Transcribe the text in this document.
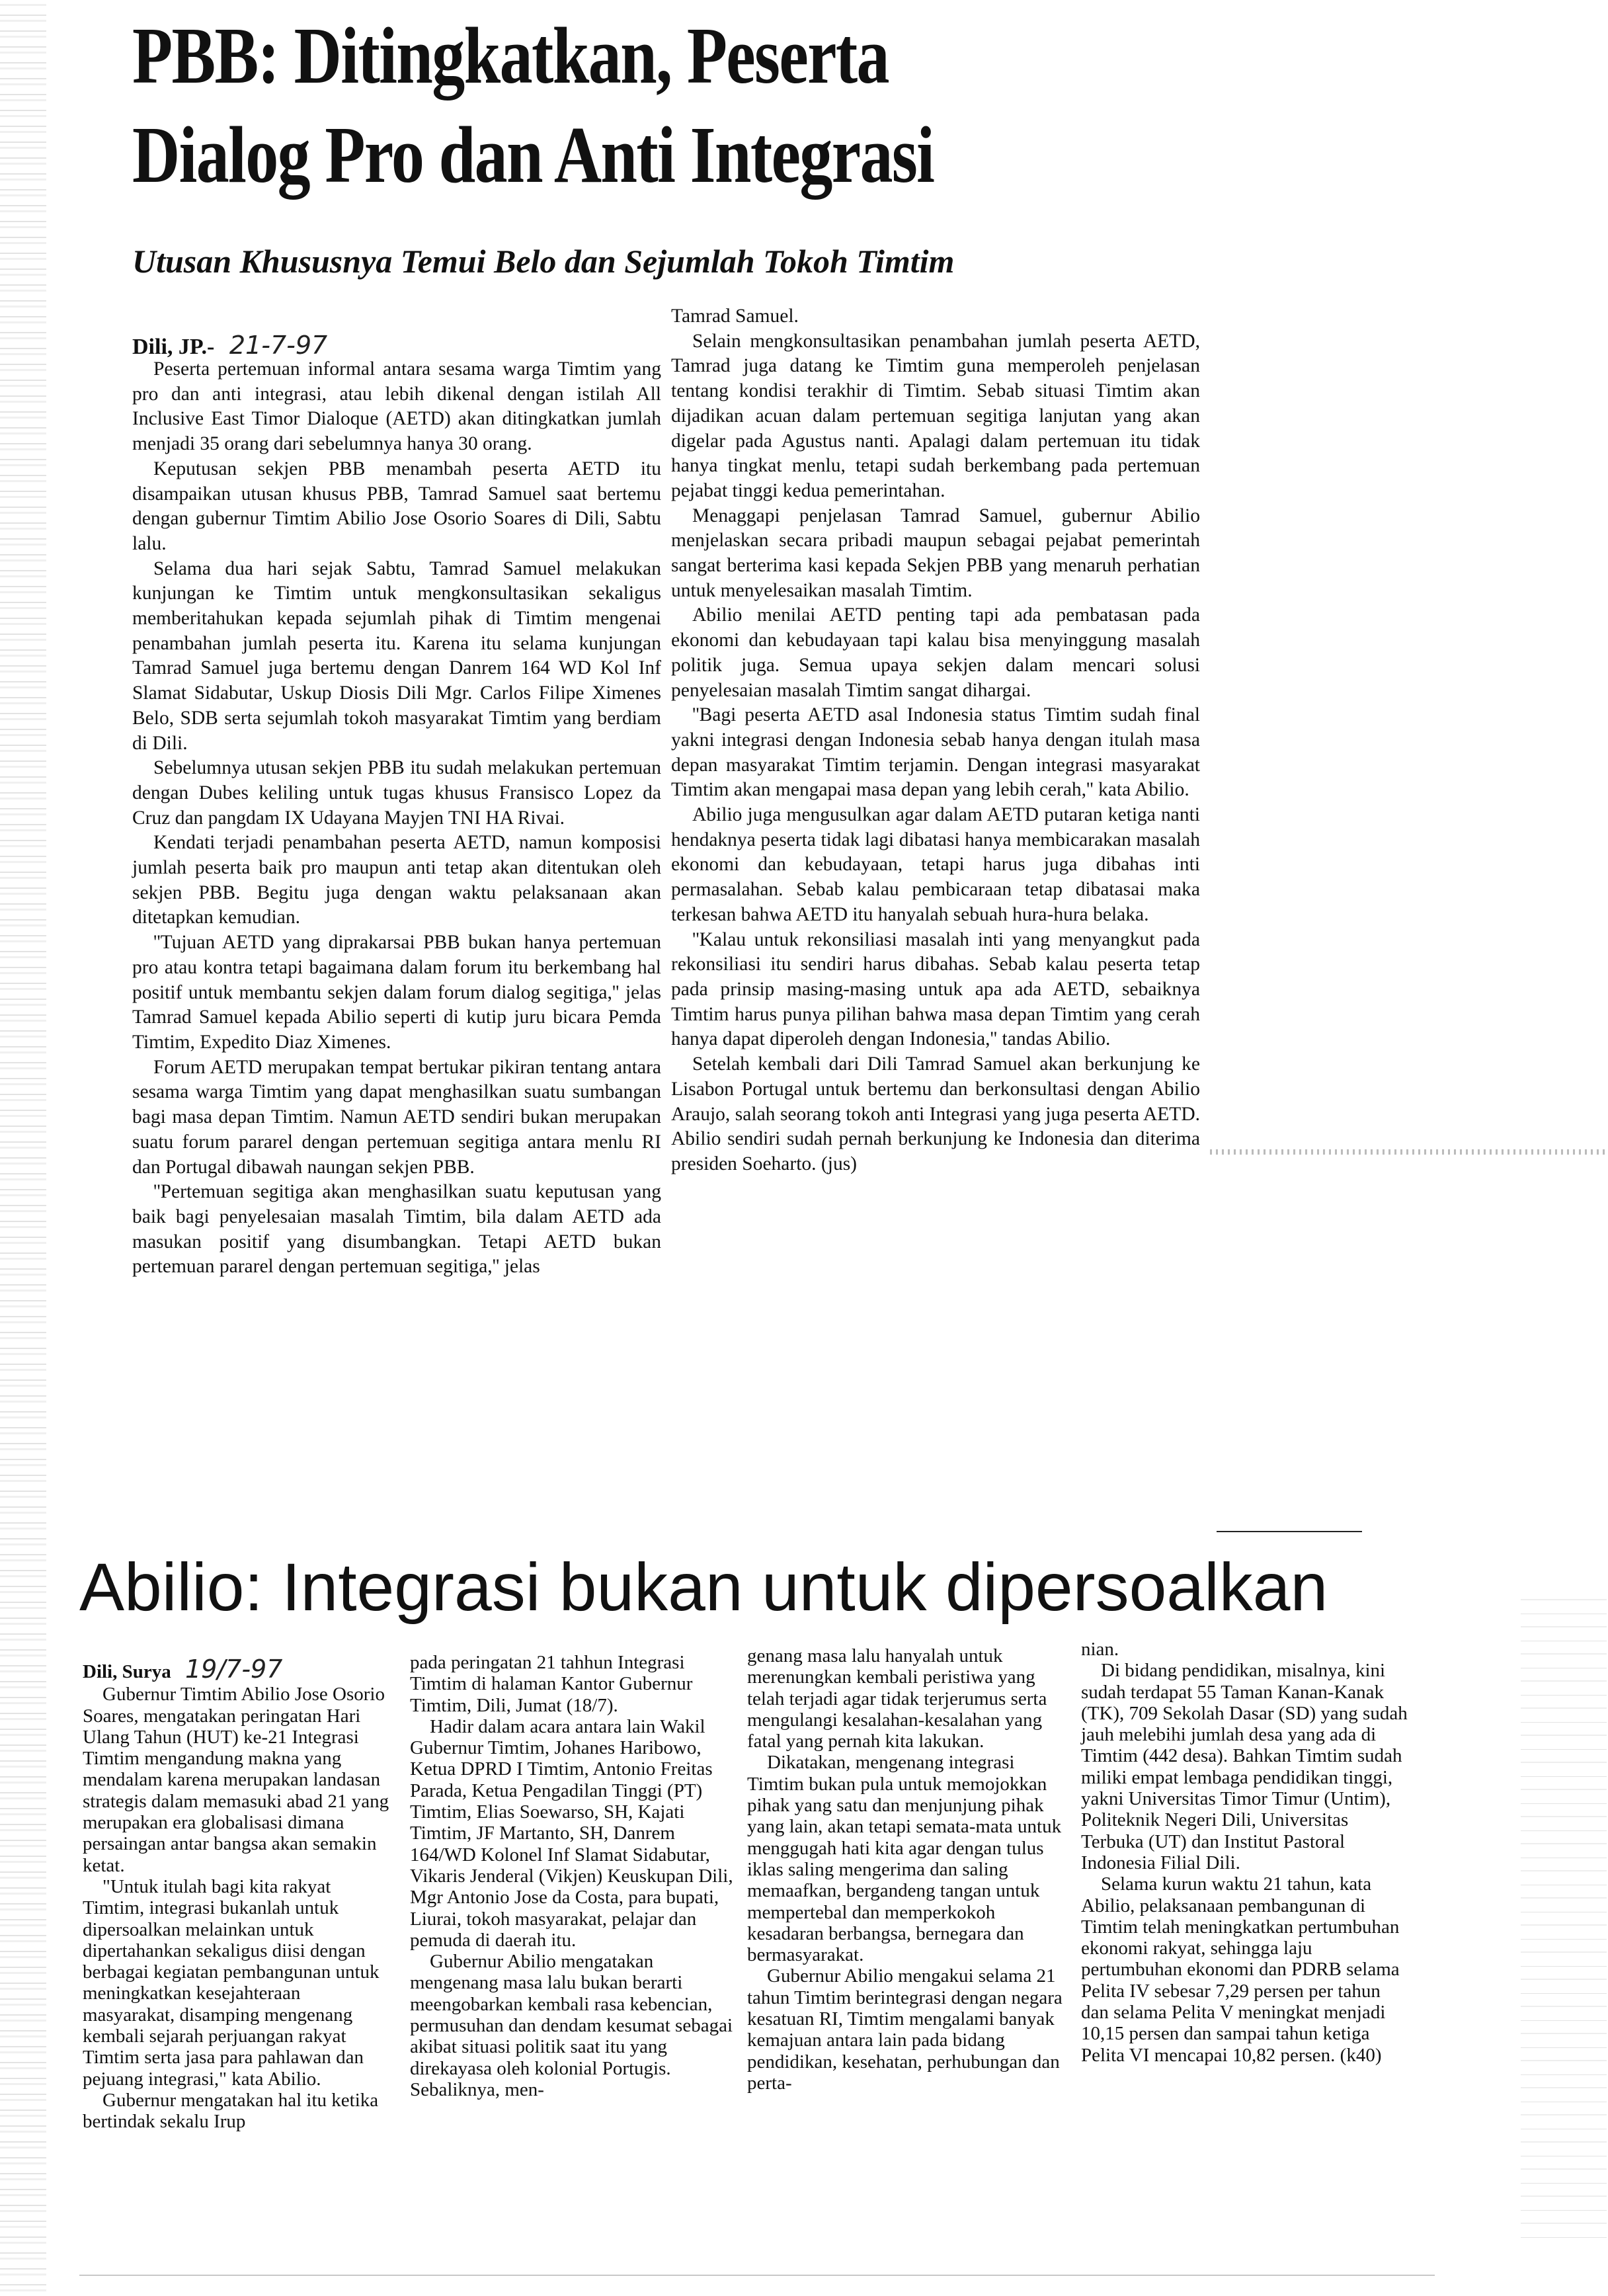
PBB: Ditingkatkan, Peserta
Dialog Pro dan Anti Integrasi
Utusan Khususnya Temui Belo dan Sejumlah Tokoh Timtim
Dili, JP.- 21-7-97

Peserta pertemuan informal antara sesama warga Timtim yang pro dan anti integrasi, atau lebih dikenal dengan istilah All Inclusive East Timor Dialoque (AETD) akan ditingkatkan jumlah menjadi 35 orang dari sebelumnya hanya 30 orang.

Keputusan sekjen PBB menambah peserta AETD itu disampaikan utusan khusus PBB, Tamrad Samuel saat bertemu dengan gubernur Timtim Abilio Jose Osorio Soares di Dili, Sabtu lalu.

Selama dua hari sejak Sabtu, Tamrad Samuel melakukan kunjungan ke Timtim untuk mengkonsultasikan sekaligus memberitahukan kepada sejumlah pihak di Timtim mengenai penambahan jumlah peserta itu. Karena itu selama kunjungan Tamrad Samuel juga bertemu dengan Danrem 164 WD Kol Inf Slamat Sidabutar, Uskup Diosis Dili Mgr. Carlos Filipe Ximenes Belo, SDB serta sejumlah tokoh masyarakat Timtim yang berdiam di Dili.

Sebelumnya utusan sekjen PBB itu sudah melakukan pertemuan dengan Dubes keliling untuk tugas khusus Fransisco Lopez da Cruz dan pangdam IX Udayana Mayjen TNI HA Rivai.

Kendati terjadi penambahan peserta AETD, namun komposisi jumlah peserta baik pro maupun anti tetap akan ditentukan oleh sekjen PBB. Begitu juga dengan waktu pelaksanaan akan ditetapkan kemudian.

''Tujuan AETD yang diprakarsai PBB bukan hanya pertemuan pro atau kontra tetapi bagaimana dalam forum itu berkembang hal positif untuk membantu sekjen dalam forum dialog segitiga,'' jelas Tamrad Samuel kepada Abilio seperti di kutip juru bicara Pemda Timtim, Expedito Diaz Ximenes.

Forum AETD merupakan tempat bertukar pikiran tentang antara sesama warga Timtim yang dapat menghasilkan suatu sumbangan bagi masa depan Timtim. Namun AETD sendiri bukan merupakan suatu forum pararel dengan pertemuan segitiga antara menlu RI dan Portugal dibawah naungan sekjen PBB.

''Pertemuan segitiga akan menghasilkan suatu keputusan yang baik bagi penyelesaian masalah Timtim, bila dalam AETD ada masukan positif yang disumbangkan. Tetapi AETD bukan pertemuan pararel dengan pertemuan segitiga,'' jelas

Tamrad Samuel.

Selain mengkonsultasikan penambahan jumlah peserta AETD, Tamrad juga datang ke Timtim guna memperoleh penjelasan tentang kondisi terakhir di Timtim. Sebab situasi Timtim akan dijadikan acuan dalam pertemuan segitiga lanjutan yang akan digelar pada Agustus nanti. Apalagi dalam pertemuan itu tidak hanya tingkat menlu, tetapi sudah berkembang pada pertemuan pejabat tinggi kedua pemerintahan.

Menaggapi penjelasan Tamrad Samuel, gubernur Abilio menjelaskan secara pribadi maupun sebagai pejabat pemerintah sangat berterima kasi kepada Sekjen PBB yang menaruh perhatian untuk menyelesaikan masalah Timtim.

Abilio menilai AETD penting tapi ada pembatasan pada ekonomi dan kebudayaan tapi kalau bisa menyinggung masalah politik juga. Semua upaya sekjen dalam mencari solusi penyelesaian masalah Timtim sangat dihargai.

''Bagi peserta AETD asal Indonesia status Timtim sudah final yakni integrasi dengan Indonesia sebab hanya dengan itulah masa depan masyarakat Timtim terjamin. Dengan integrasi masyarakat Timtim akan mengapai masa depan yang lebih cerah,'' kata Abilio.

Abilio juga mengusulkan agar dalam AETD putaran ketiga nanti hendaknya peserta tidak lagi dibatasi hanya membicarakan masalah ekonomi dan kebudayaan, tetapi harus juga dibahas inti permasalahan. Sebab kalau pembicaraan tetap dibatasai maka terkesan bahwa AETD itu hanyalah sebuah hura-hura belaka.

''Kalau untuk rekonsiliasi masalah inti yang menyangkut pada rekonsiliasi itu sendiri harus dibahas. Sebab kalau peserta tetap pada prinsip masing-masing untuk apa ada AETD, sebaiknya Timtim harus punya pilihan bahwa masa depan Timtim yang cerah hanya dapat diperoleh dengan Indonesia,'' tandas Abilio.

Setelah kembali dari Dili Tamrad Samuel akan berkunjung ke Lisabon Portugal untuk bertemu dan berkonsultasi dengan Abilio Araujo, salah seorang tokoh anti Integrasi yang juga peserta AETD. Abilio sendiri sudah pernah berkunjung ke Indonesia dan diterima presiden Soeharto. (jus)

Abilio: Integrasi bukan untuk dipersoalkan
Dili, Surya 19/7-97

Gubernur Timtim Abilio Jose Osorio Soares, mengatakan peringatan Hari Ulang Tahun (HUT) ke-21 Integrasi Timtim mengandung makna yang mendalam karena merupakan landasan strategis dalam memasuki abad 21 yang merupakan era globalisasi dimana persaingan antar bangsa akan semakin ketat.

"Untuk itulah bagi kita rakyat Timtim, integrasi bukanlah untuk dipersoalkan melainkan untuk dipertahankan sekaligus diisi dengan berbagai kegiatan pembangunan untuk meningkatkan kesejahteraan masyarakat, disamping mengenang kembali sejarah perjuangan rakyat Timtim serta jasa para pahlawan dan pejuang integrasi," kata Abilio.

Gubernur mengatakan hal itu ketika bertindak sekalu Irup

pada peringatan 21 tahhun Integrasi Timtim di halaman Kantor Gubernur Timtim, Dili, Jumat (18/7).

Hadir dalam acara antara lain Wakil Gubernur Timtim, Johanes Haribowo, Ketua DPRD I Timtim, Antonio Freitas Parada, Ketua Pengadilan Tinggi (PT) Timtim, Elias Soewarso, SH, Kajati Timtim, JF Martanto, SH, Danrem 164/WD Kolonel Inf Slamat Sidabutar, Vikaris Jenderal (Vikjen) Keuskupan Dili, Mgr Antonio Jose da Costa, para bupati, Liurai, tokoh masyarakat, pelajar dan pemuda di daerah itu.

Gubernur Abilio mengatakan mengenang masa lalu bukan berarti meengobarkan kembali rasa kebencian, permusuhan dan dendam kesumat sebagai akibat situasi politik saat itu yang direkayasa oleh kolonial Portugis. Sebaliknya, men-

genang masa lalu hanyalah untuk merenungkan kembali peristiwa yang telah terjadi agar tidak terjerumus serta mengulangi kesalahan-kesalahan yang fatal yang pernah kita lakukan.

Dikatakan, mengenang integrasi Timtim bukan pula untuk memojokkan pihak yang satu dan menjunjung pihak yang lain, akan tetapi semata-mata untuk menggugah hati kita agar dengan tulus iklas saling mengerima dan saling memaafkan, bergandeng tangan untuk mempertebal dan memperkokoh kesadaran berbangsa, bernegara dan bermasyarakat.

Gubernur Abilio mengakui selama 21 tahun Timtim berintegrasi dengan negara kesatuan RI, Timtim mengalami banyak kemajuan antara lain pada bidang pendidikan, kesehatan, perhubungan dan perta-

nian.

Di bidang pendidikan, misalnya, kini sudah terdapat 55 Taman Kanan-Kanak (TK), 709 Sekolah Dasar (SD) yang sudah jauh melebihi jumlah desa yang ada di Timtim (442 desa). Bahkan Timtim sudah miliki empat lembaga pendidikan tinggi, yakni Universitas Timor Timur (Untim), Politeknik Negeri Dili, Universitas Terbuka (UT) dan Institut Pastoral Indonesia Filial Dili.

Selama kurun waktu 21 tahun, kata Abilio, pelaksanaan pembangunan di Timtim telah meningkatkan pertumbuhan ekonomi rakyat, sehingga laju pertumbuhan ekonomi dan PDRB selama Pelita IV sebesar 7,29 persen per tahun dan selama Pelita V meningkat menjadi 10,15 persen dan sampai tahun ketiga Pelita VI mencapai 10,82 persen. (k40)
